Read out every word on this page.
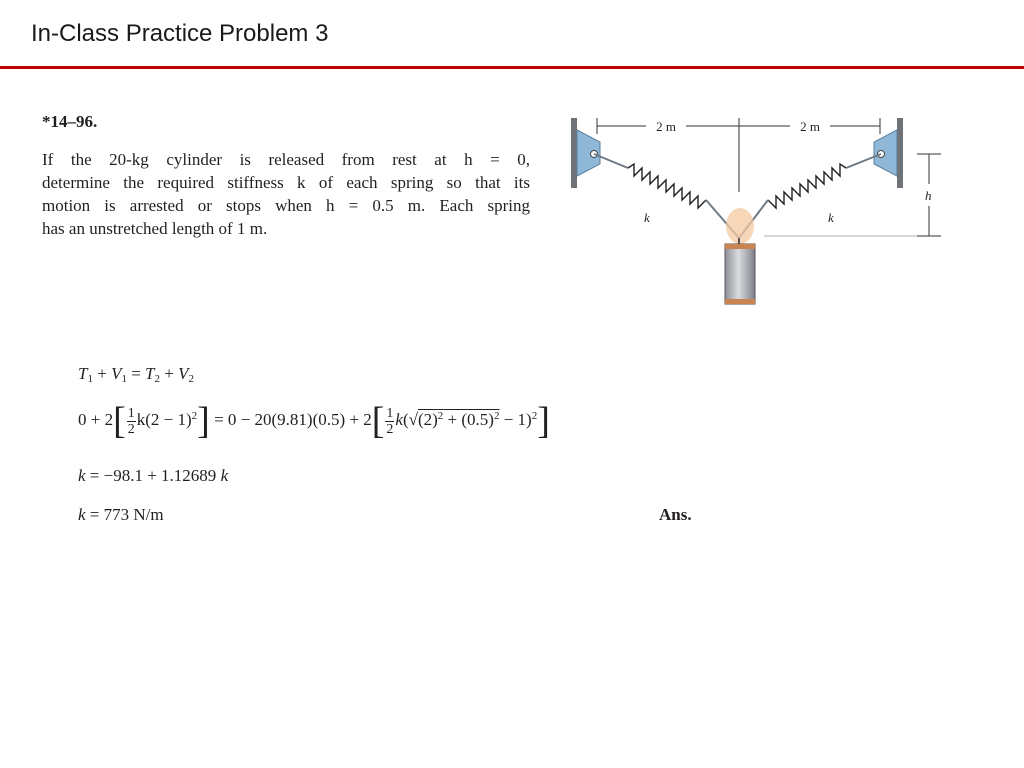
In-Class Practice Problem 3
*14–96.
If the 20-kg cylinder is released from rest at h = 0,
determine the required stiffness k of each spring so that its
motion is arrested or stops when h = 0.5 m. Each spring
has an unstretched length of 1 m.
2 m	2 m
k	k
h
$T_1 + V_1 = T_2 + V_2$
$0 + 2[ \frac{1}{2} k(2 - 1)^2] = 0 - 20(9.81)(0.5) + 2[ \frac{1}{2} k(√(2)^2 + (0.5)^2 - 1)^2]$
k = −98.1 + 1.12689 k
k = 773 N/m	Ans.
